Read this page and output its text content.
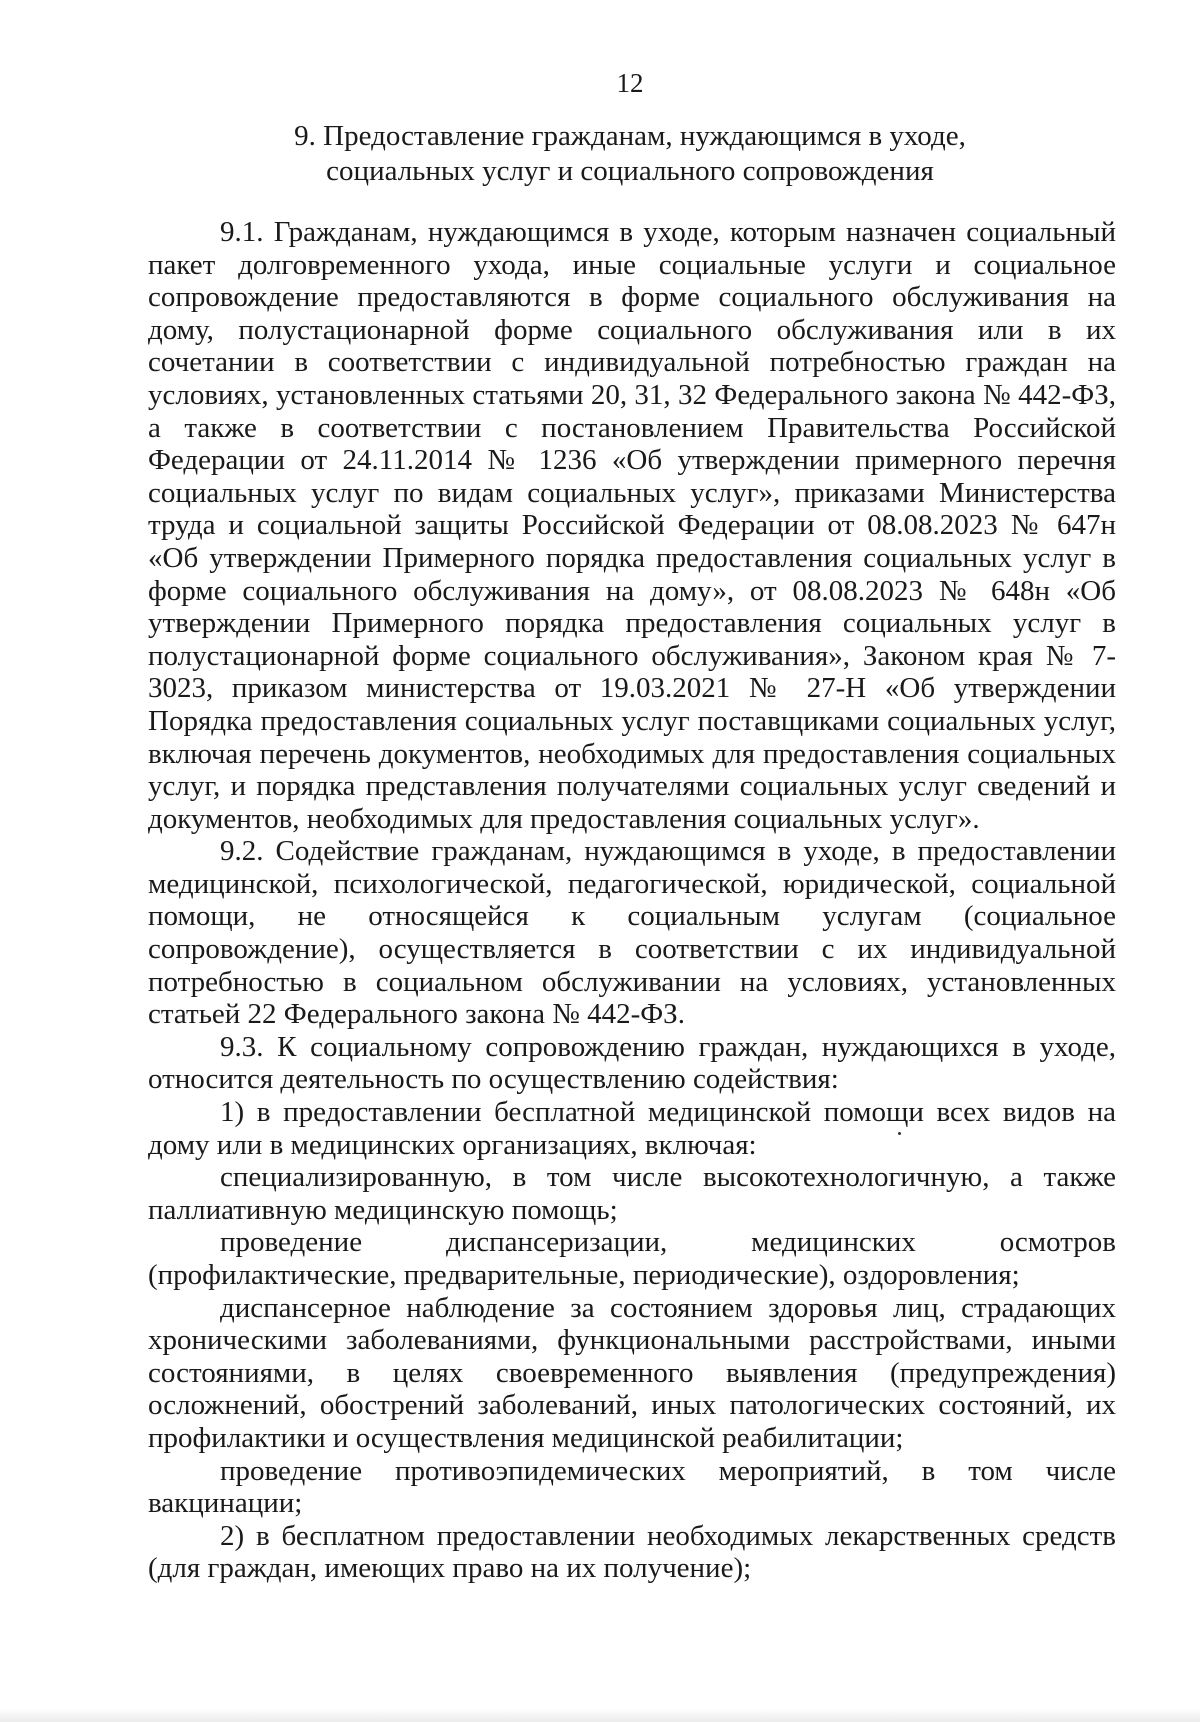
12
9. Предоставление гражданам, нуждающимся в уходе,
социальных услуг и социального сопровождения

9.1. Гражданам, нуждающимся в уходе, которым назначен социальный пакет долговременного ухода, иные социальные услуги и социальное сопровождение предоставляются в форме социального обслуживания на дому, полустационарной форме социального обслуживания или в их сочетании в соответствии с индивидуальной потребностью граждан на условиях, установленных статьями 20, 31, 32 Федерального закона № 442-ФЗ, а также в соответствии с постановлением Правительства Российской Федерации от 24.11.2014 № 1236 «Об утверждении примерного перечня социальных услуг по видам социальных услуг», приказами Министерства труда и социальной защиты Российской Федерации от 08.08.2023 № 647н «Об утверждении Примерного порядка предоставления социальных услуг в форме социального обслуживания на дому», от 08.08.2023 № 648н «Об утверждении Примерного порядка предоставления социальных услуг в полустационарной форме социального обслуживания», Законом края № 7-3023, приказом министерства от 19.03.2021 № 27-Н «Об утверждении Порядка предоставления социальных услуг поставщиками социальных услуг, включая перечень документов, необходимых для предоставления социальных услуг, и порядка представления получателями социальных услуг сведений и документов, необходимых для предоставления социальных услуг».

9.2. Содействие гражданам, нуждающимся в уходе, в предоставлении медицинской, психологической, педагогической, юридической, социальной помощи, не относящейся к социальным услугам (социальное сопровождение), осуществляется в соответствии с их индивидуальной потребностью в социальном обслуживании на условиях, установленных статьей 22 Федерального закона № 442-ФЗ.

9.3. К социальному сопровождению граждан, нуждающихся в уходе, относится деятельность по осуществлению содействия:

1) в предоставлении бесплатной медицинской помощи всех видов на дому или в медицинских организациях, включая:

специализированную, в том числе высокотехнологичную, а также паллиативную медицинскую помощь;

проведение диспансеризации, медицинских осмотров (профилактические, предварительные, периодические), оздоровления;

диспансерное наблюдение за состоянием здоровья лиц, страдающих хроническими заболеваниями, функциональными расстройствами, иными состояниями, в целях своевременного выявления (предупреждения) осложнений, обострений заболеваний, иных патологических состояний, их профилактики и осуществления медицинской реабилитации;

проведение противоэпидемических мероприятий, в том числе вакцинации;

2) в бесплатном предоставлении необходимых лекарственных средств (для граждан, имеющих право на их получение);
